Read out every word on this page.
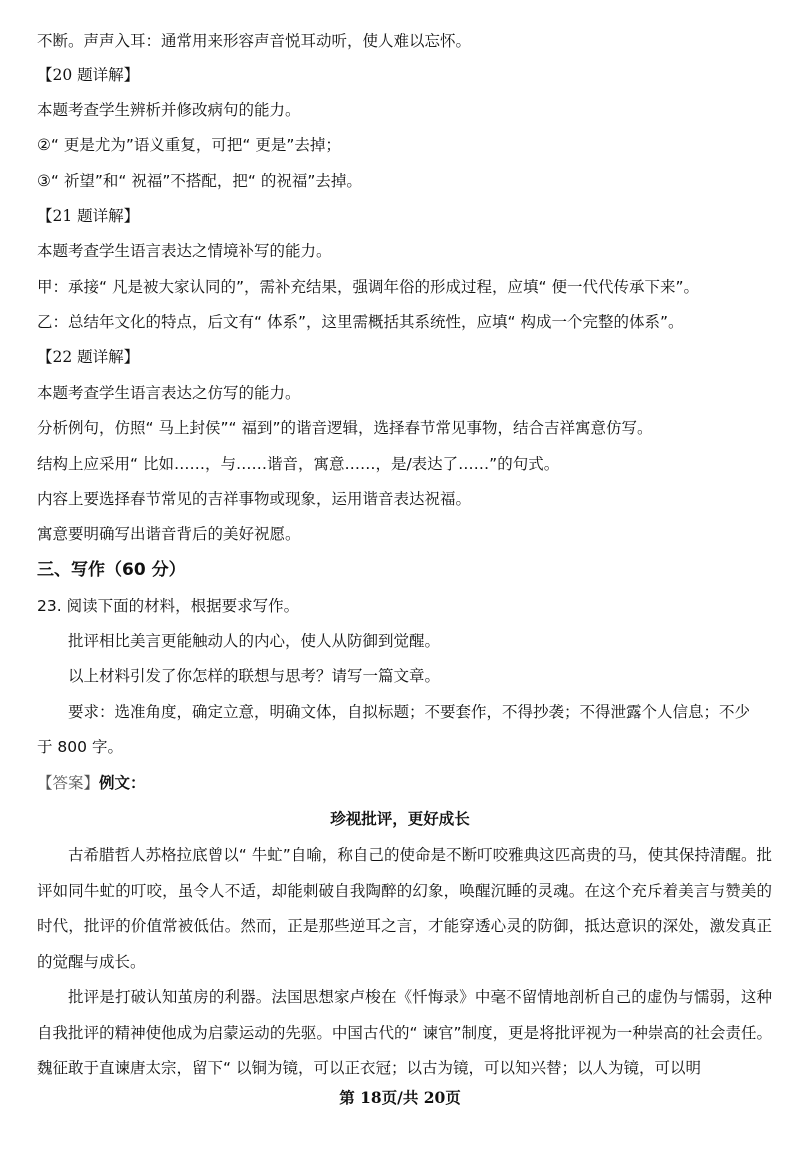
不断。声声入耳：通常用来形容声音悦耳动听，使人难以忘怀。
【20 题详解】
本题考查学生辨析并修改病句的能力。
②“ 更是尤为”语义重复，可把“ 更是”去掉；
③“ 祈望”和“ 祝福”不搭配，把“ 的祝福”去掉。
【21 题详解】
本题考查学生语言表达之情境补写的能力。
甲：承接“ 凡是被大家认同的”，需补充结果，强调年俗的形成过程，应填“ 便一代代传承下来”。
乙：总结年文化的特点，后文有“ 体系”，这里需概括其系统性，应填“ 构成一个完整的体系”。
【22 题详解】
本题考查学生语言表达之仿写的能力。
分析例句，仿照“ 马上封侯”“ 福到”的谐音逻辑，选择春节常见事物，结合吉祥寓意仿写。
结构上应采用“ 比如……，与……谐音，寓意……，是/表达了……”的句式。
内容上要选择春节常见的吉祥事物或现象，运用谐音表达祝福。
寓意要明确写出谐音背后的美好祝愿。
三、写作（60 分）
23. 阅读下面的材料，根据要求写作。
批评相比美言更能触动人的内心，使人从防御到觉醒。
以上材料引发了你怎样的联想与思考？请写一篇文章。
要求：选准角度，确定立意，明确文体，自拟标题；不要套作，不得抄袭；不得泄露个人信息；不少
于 800 字。
【答案】例文：
珍视批评，更好成长
古希腊哲人苏格拉底曾以“ 牛虻”自喻，称自己的使命是不断叮咬雅典这匹高贵的马，使其保持清醒。批评如同牛虻的叮咬，虽令人不适，却能刺破自我陶醉的幻象，唤醒沉睡的灵魂。在这个充斥着美言与赞美的时代，批评的价值常被低估。然而，正是那些逆耳之言，才能穿透心灵的防御，抵达意识的深处，激发真正的觉醒与成长。
批评是打破认知茧房的利器。法国思想家卢梭在《忏悔录》中毫不留情地剖析自己的虚伪与懦弱，这种自我批评的精神使他成为启蒙运动的先驱。中国古代的“ 谏官”制度，更是将批评视为一种崇高的社会责任。魏征敢于直谏唐太宗，留下“ 以铜为镜，可以正衣冠；以古为镜，可以知兴替；以人为镜，可以明
第 18页/共 20页
